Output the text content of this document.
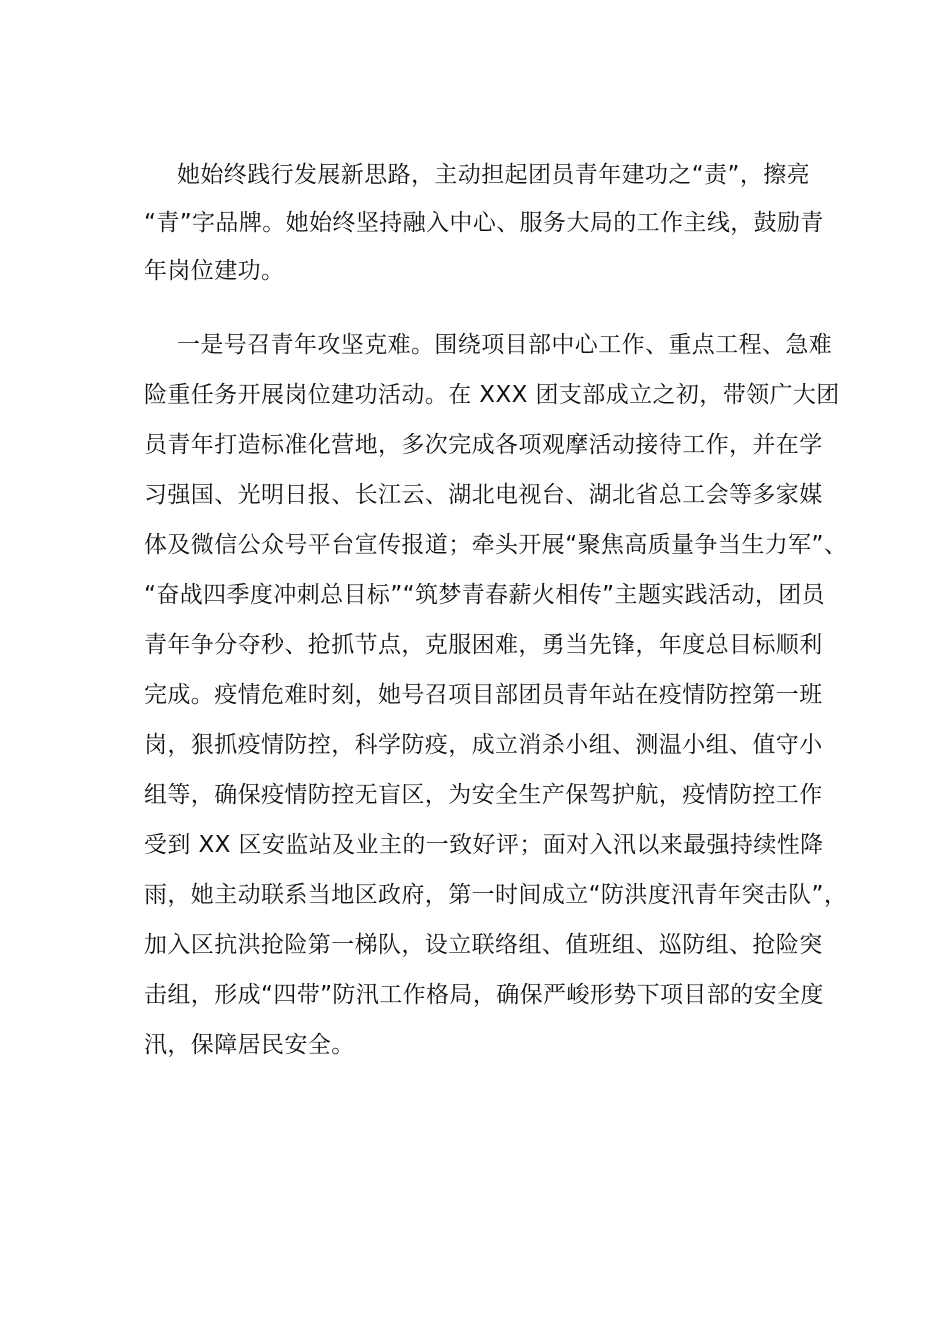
她始终践行发展新思路，主动担起团员青年建功之“责”，擦亮
“青”字品牌。她始终坚持融入中心、服务大局的工作主线，鼓励青
年岗位建功。
一是号召青年攻坚克难。围绕项目部中心工作、重点工程、急难
险重任务开展岗位建功活动。在 XXX 团支部成立之初，带领广大团
员青年打造标准化营地，多次完成各项观摩活动接待工作，并在学
习强国、光明日报、长江云、湖北电视台、湖北省总工会等多家媒
体及微信公众号平台宣传报道；牵头开展“聚焦高质量争当生力军”、
“奋战四季度冲刺总目标”“筑梦青春薪火相传”主题实践活动，团员
青年争分夺秒、抢抓节点，克服困难，勇当先锋，年度总目标顺利
完成。疫情危难时刻，她号召项目部团员青年站在疫情防控第一班
岗，狠抓疫情防控，科学防疫，成立消杀小组、测温小组、值守小
组等，确保疫情防控无盲区，为安全生产保驾护航，疫情防控工作
受到 XX 区安监站及业主的一致好评；面对入汛以来最强持续性降
雨，她主动联系当地区政府，第一时间成立“防洪度汛青年突击队”，
加入区抗洪抢险第一梯队，设立联络组、值班组、巡防组、抢险突
击组，形成“四带”防汛工作格局，确保严峻形势下项目部的安全度
汛，保障居民安全。
